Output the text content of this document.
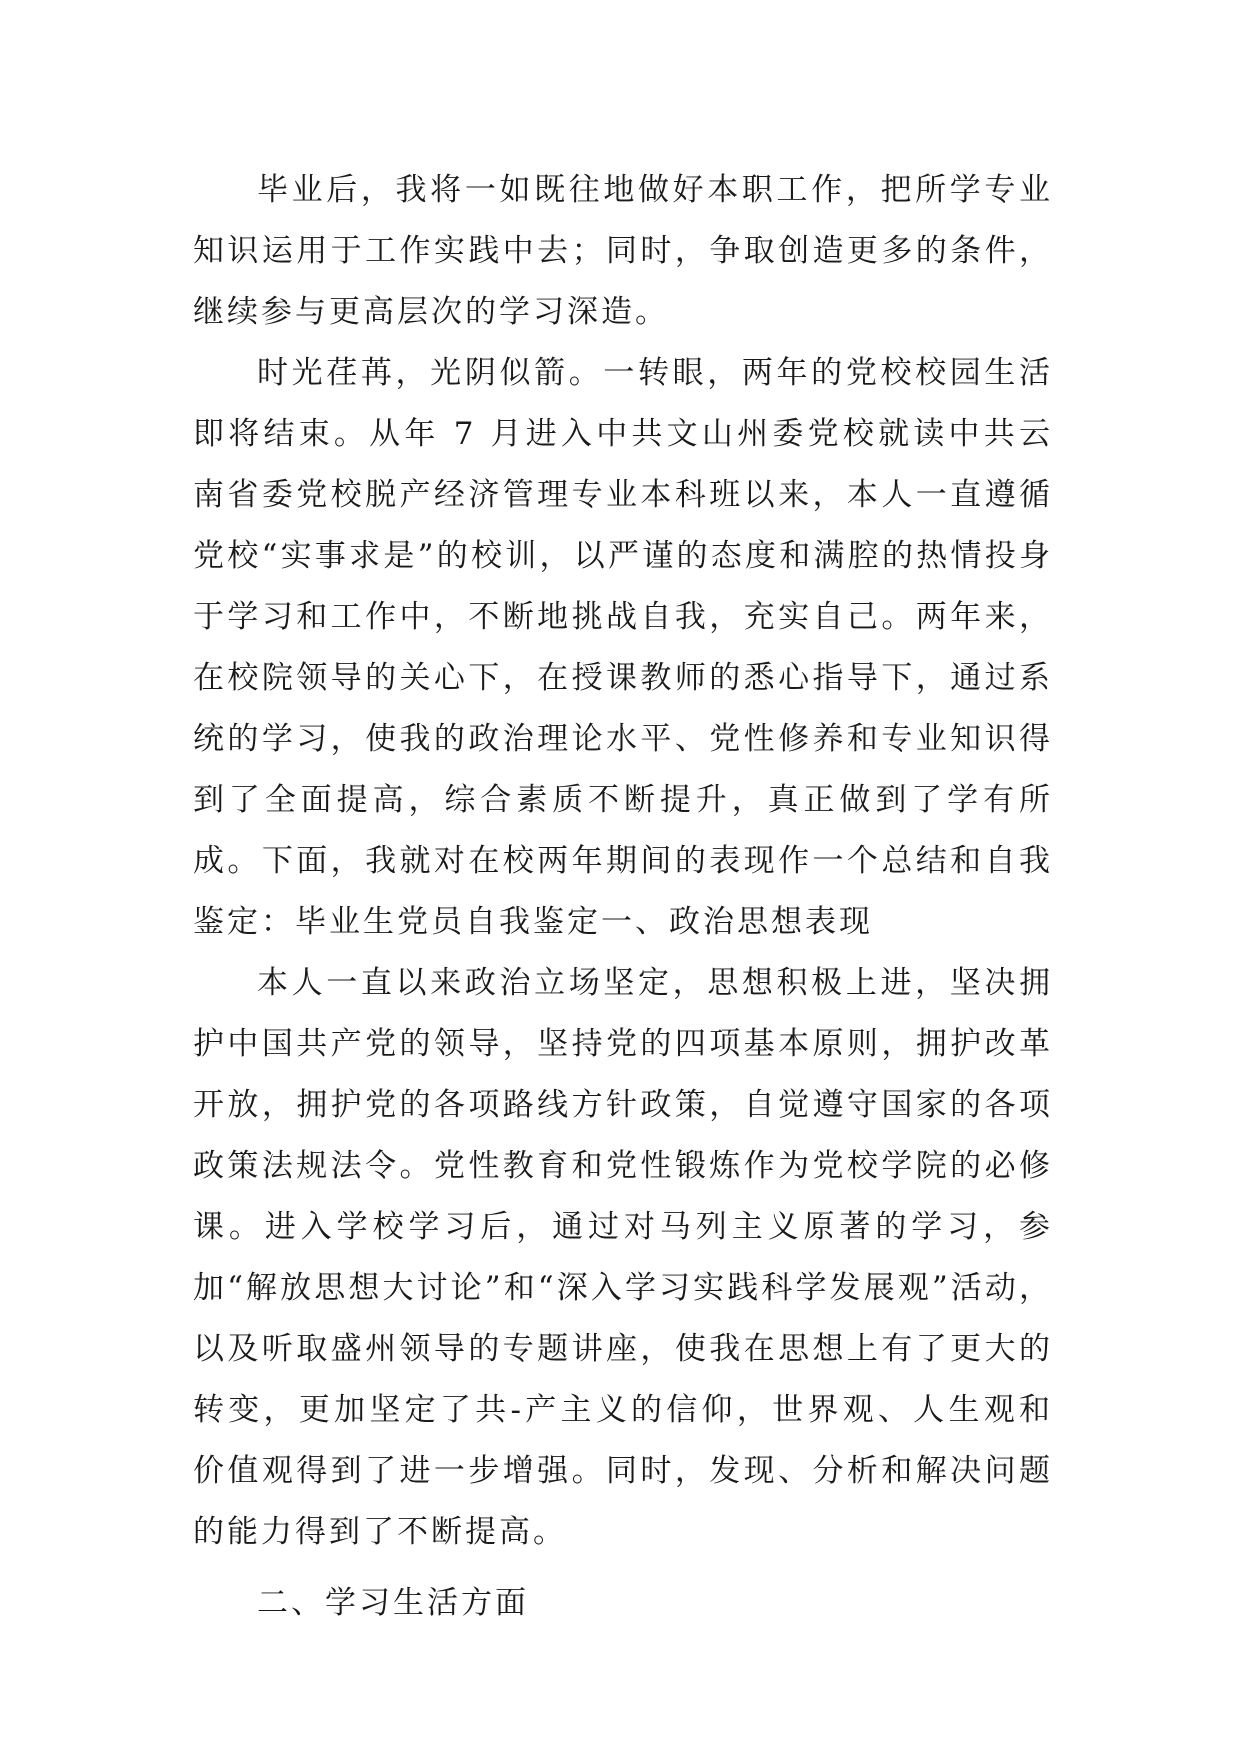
毕业后，我将一如既往地做好本职工作，把所学专业知识运用于工作实践中去；同时，争取创造更多的条件，继续参与更高层次的学习深造。

时光荏苒，光阴似箭。一转眼，两年的党校校园生活即将结束。从年 7 月进入中共文山州委党校就读中共云南省委党校脱产经济管理专业本科班以来，本人一直遵循党校“实事求是”的校训，以严谨的态度和满腔的热情投身于学习和工作中，不断地挑战自我，充实自己。两年来，在校院领导的关心下，在授课教师的悉心指导下，通过系统的学习，使我的政治理论水平、党性修养和专业知识得到了全面提高，综合素质不断提升，真正做到了学有所成。下面，我就对在校两年期间的表现作一个总结和自我 鉴定：毕业生党员自我鉴定一、政治思想表现

本人一直以来政治立场坚定，思想积极上进，坚决拥护中国共产党的领导，坚持党的四项基本原则，拥护改革开放，拥护党的各项路线方针政策，自觉遵守国家的各项政策法规法令。党性教育和党性锻炼作为党校学院的必修课。进入学校学习后，通过对马列主义原著的学习，参加“解放思想大讨论”和“深入学习实践科学发展观”活动，以及听取盛州领导的专题讲座，使我在思想上有了更大的转变，更加坚定了共-产主义的信仰，世界观、人生观和价值观得到了进一步增强。同时，发现、分析和解决问题的能力得到了不断提高。

二、学习生活方面
